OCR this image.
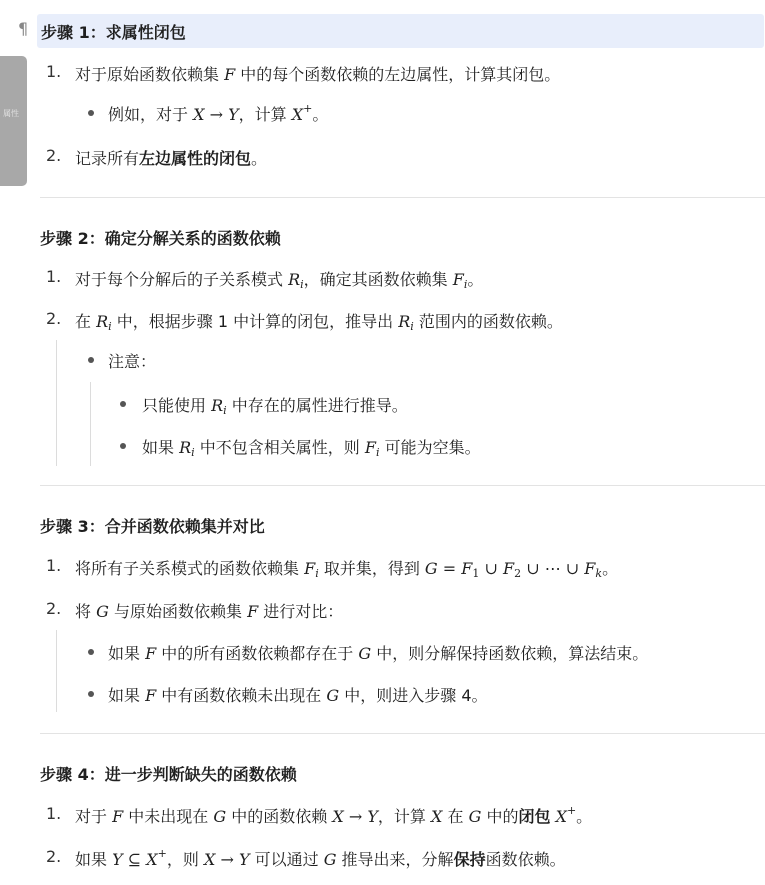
¶
属性
步骤 1：求属性闭包
1. 对于原始函数依赖集 F 中的每个函数依赖的左边属性，计算其闭包。
例如，对于 X → Y，计算 X+。
2. 记录所有左边属性的闭包。
步骤 2：确定分解关系的函数依赖
1. 对于每个分解后的子关系模式 $R_i$，确定其函数依赖集 $F_i$。
2. 在 $R_i$ 中，根据步骤 1 中计算的闭包，推导出 $R_i$ 范围内的函数依赖。
注意：
只能使用 $R_i$ 中存在的属性进行推导。
如果 $R_i$ 中不包含相关属性，则 $F_i$ 可能为空集。
步骤 3：合并函数依赖集并对比
1. 将所有子关系模式的函数依赖集 $F_i$ 取并集，得到 $G = F_1$ ∪ $F_2$ ∪ ⋯ ∪ $F_k$。
2. 将 G 与原始函数依赖集 F 进行对比：
如果 F 中的所有函数依赖都存在于 G 中，则分解保持函数依赖，算法结束。
如果 F 中有函数依赖未出现在 G 中，则进入步骤 4。
步骤 4：进一步判断缺失的函数依赖
1. 对于 F 中未出现在 G 中的函数依赖 X → Y，计算 X 在 G 中的闭包 X+。
2. 如果 Y ⊆ X+，则 X → Y 可以通过 G 推导出来，分解保持函数依赖。
